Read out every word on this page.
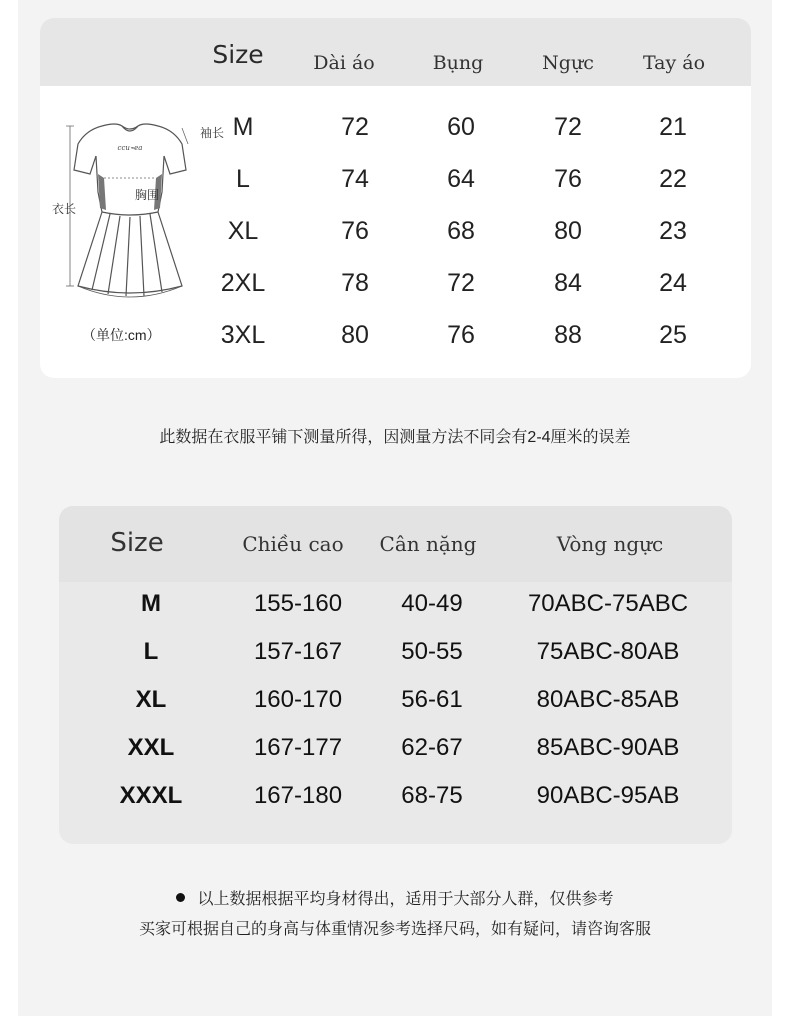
Size	Dài áo	Bụng	Ngực	Tay áo
M	72	60	72	21
L	74	64	76	22
XL	76	68	80	23
2XL	78	72	84	24
3XL	80	76	88	25
ccu⌁ea
袖长
胸围
衣长
（单位:cm）
此数据在衣服平铺下测量所得，因测量方法不同会有2-4厘米的误差
Size	Chiều cao Cân nặng	Vòng ngực
M	155-160 40-49	70ABC-75ABC
L	157-167 50-55	75ABC-80AB
XL	160-170 56-61	80ABC-85AB
XXL	167-177 62-67	85ABC-90AB
XXXL	167-180 68-75	90ABC-95AB
以上数据根据平均身材得出，适用于大部分人群，仅供参考
买家可根据自己的身高与体重情况参考选择尺码，如有疑问，请咨询客服
